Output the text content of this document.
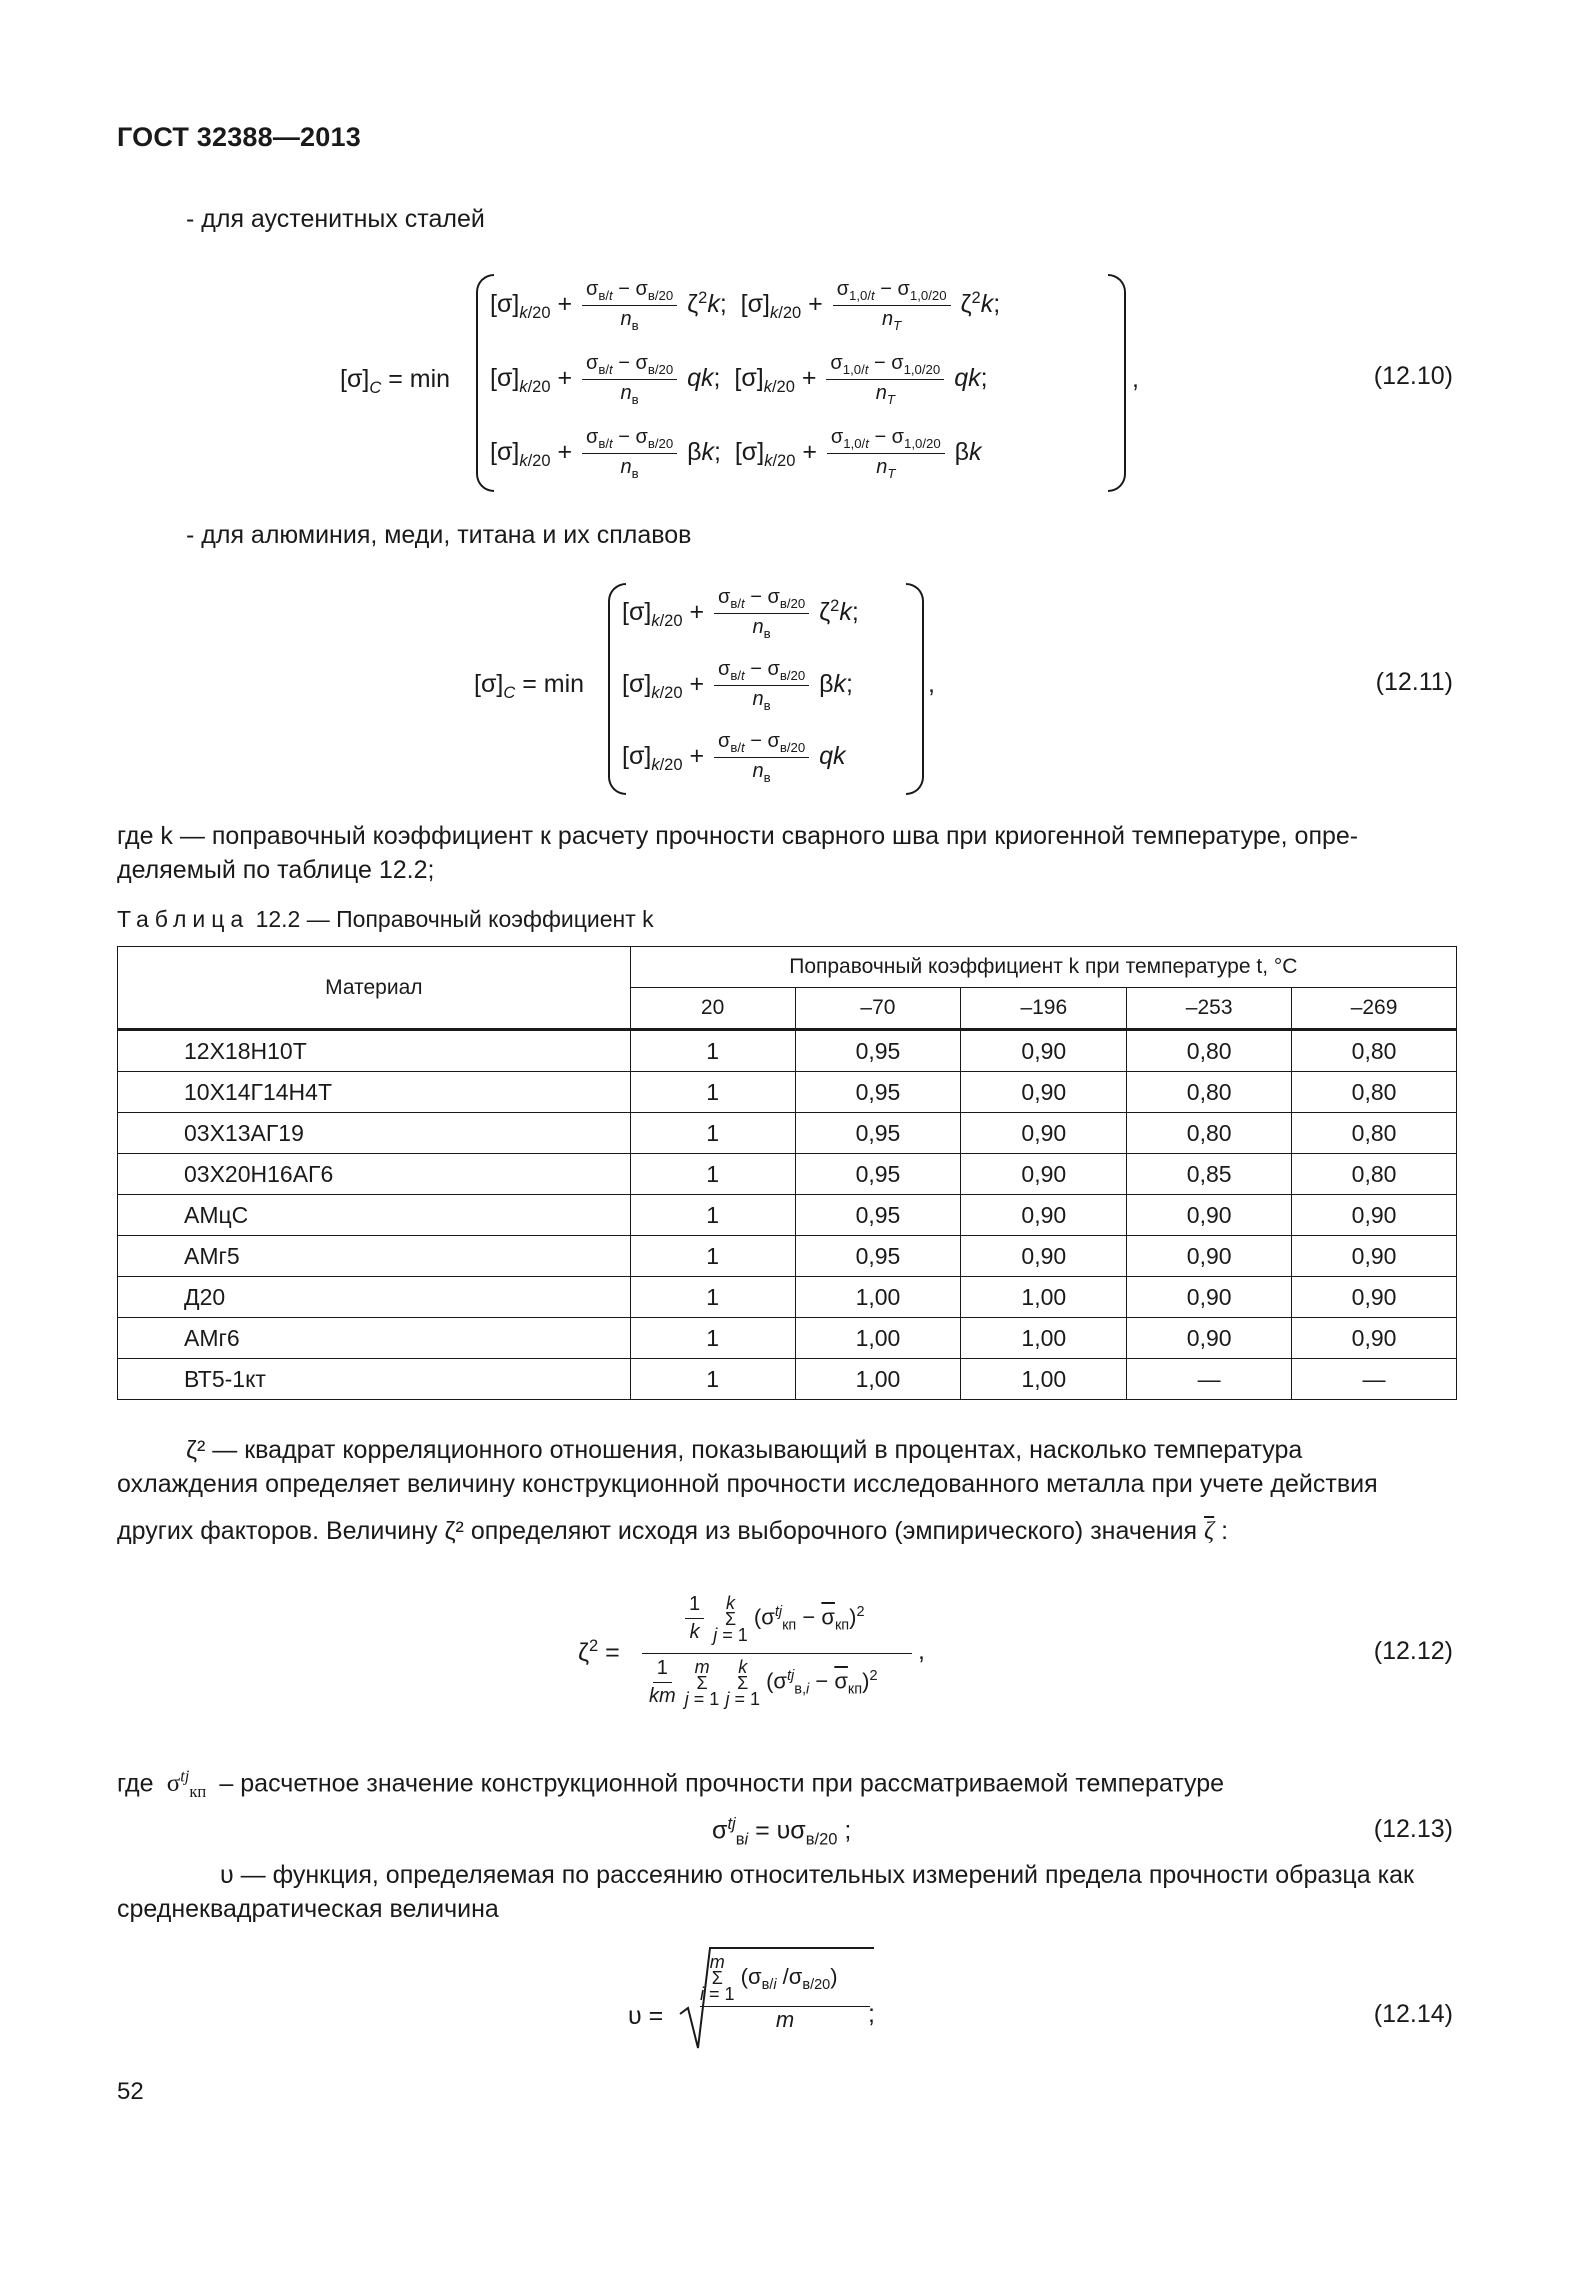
ГОСТ 32388—2013
- для аустенитных сталей
$[\sigma]_C = \min$
$[\sigma]_{k/20} + \frac{\sigma_{в/t} - \sigma_{в/20}}{n_в} \zeta^2k$;  $[\sigma]_{k/20} + \frac{\sigma_{1,0/t} - \sigma_{1,0/20}}{n_T} \zeta^2k$;
$[\sigma]_{k/20} + \frac{\sigma_{в/t} - \sigma_{в/20}}{n_в}$ qk;  $[\sigma]_{k/20} + \frac{\sigma_{1,0/t} - \sigma_{1,0/20}}{n_T}$ qk;
$[\sigma]_{k/20} + \frac{\sigma_{в/t} - \sigma_{в/20}}{n_в} \beta k$;  $[\sigma]_{k/20} + \frac{\sigma_{1,0/t} - \sigma_{1,0/20}}{n_T}$ βk
,	(12.10)
- для алюминия, меди, титана и их сплавов
$[\sigma]_C = \min$
$[\sigma]_{k/20} + \frac{\sigma_{в/t} - \sigma_{в/20}}{n_в} \zeta^2k$;
$[\sigma]_{k/20} + \frac{\sigma_{в/t} - \sigma_{в/20}}{n_в} \beta k$;
$[\sigma]_{k/20} + \frac{\sigma_{в/t} - \sigma_{в/20}}{n_в}$ qk
,	(12.11)
где k — поправочный коэффициент к расчету прочности сварного шва при криогенной температуре, опре-
деляемый по таблице 12.2;
Таблица 12.2 — Поправочный коэффициент k
Материал	Поправочный коэффициент k при температуре t, °С				
	20	–70	–196	–253	–269
12Х18Н10Т	1	0,95	0,90	0,80	0,80
10Х14Г14Н4Т	1	0,95	0,90	0,80	0,80
03Х13АГ19	1	0,95	0,90	0,80	0,80
03Х20Н16АГ6	1	0,95	0,90	0,85	0,80
АМцС	1	0,95	0,90	0,90	0,90
АМг5	1	0,95	0,90	0,90	0,90
Д20	1	1,00	1,00	0,90	0,90
АМг6	1	1,00	1,00	0,90	0,90
ВТ5-1кт	1	1,00	1,00	—	—
ζ² — квадрат корреляционного отношения, показывающий в процентах, насколько температура
охлаждения определяет величину конструкционной прочности исследованного металла при учете действия
других факторов. Величину ζ² определяют исходя из выборочного (эмпирического) значения $\overline{\zeta}$ :
$\zeta^2$ =
$\frac{1}{k}$ k
Σ
j = 1 $(\sigma^{tj}_{кп} - \overline{\sigma}_{кп})^2$
$\frac{1}{km}$ m
Σ
j = 1 k
Σ
j = 1 $(\sigma^{tj}_{в,i} - \overline{\sigma}_{кп})^2$
,	(12.12)
где  $\sigma^{tj}_{кп}$ – расчетное значение конструкционной прочности при рассматриваемой температуре
$\sigma^{tj}_{вi} = \upsilon\sigma_{в/20}$ ;	(12.13)
υ — функция, определяемая по рассеянию относительных измерений предела прочности образца как
среднеквадратическая величина
υ =
m
Σ
i = 1 ($\sigma_{в/i}$ $/\sigma_{в/20}$)
m	;	(12.14)
52
